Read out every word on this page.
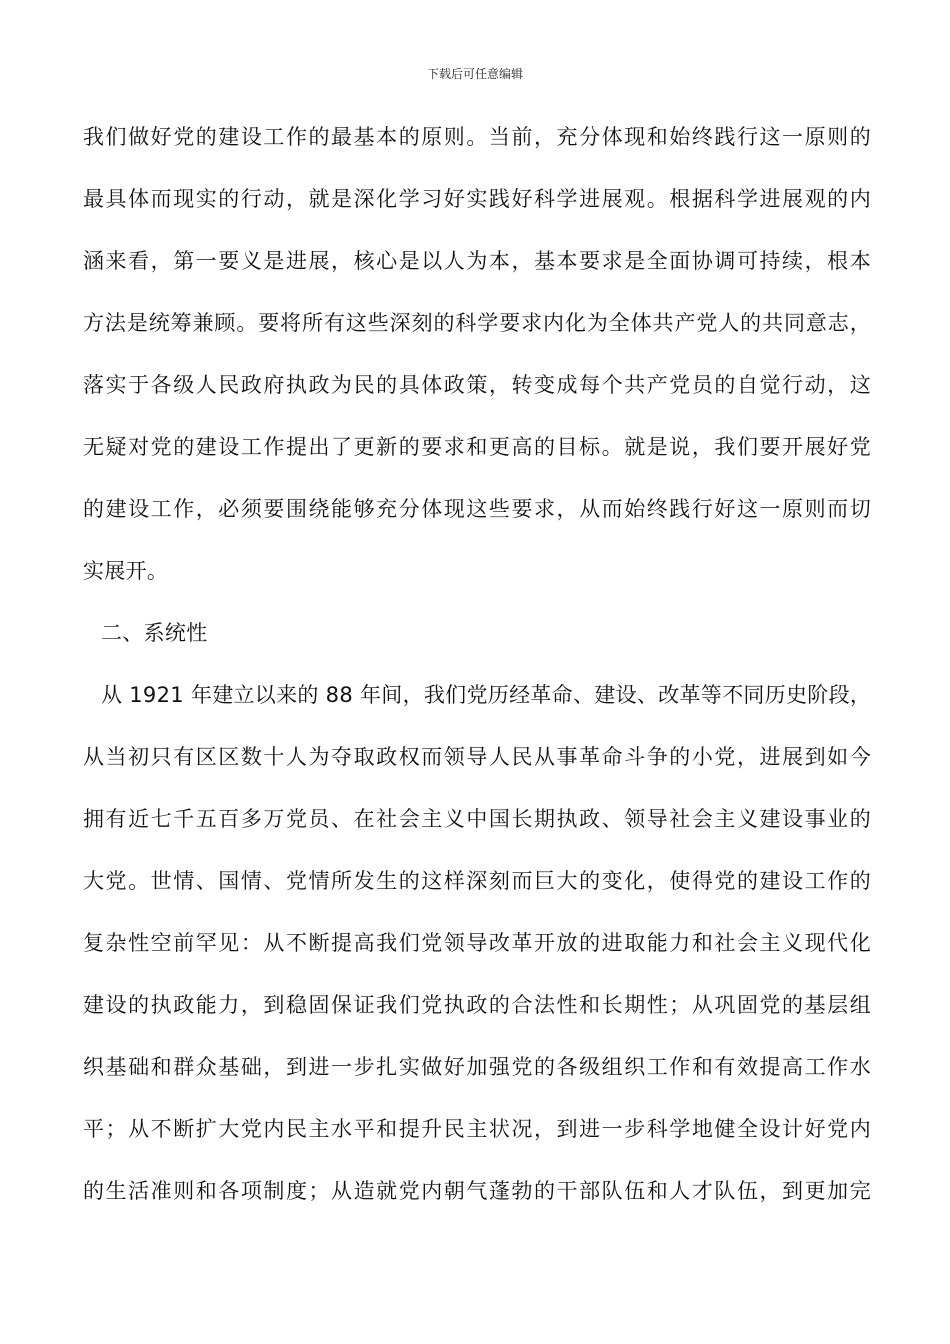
下载后可任意编辑
我们做好党的建设工作的最基本的原则。当前，充分体现和始终践行这一原则的
最具体而现实的行动，就是深化学习好实践好科学进展观。根据科学进展观的内
涵来看，第一要义是进展，核心是以人为本，基本要求是全面协调可持续，根本
方法是统筹兼顾。要将所有这些深刻的科学要求内化为全体共产党人的共同意志，
落实于各级人民政府执政为民的具体政策，转变成每个共产党员的自觉行动，这
无疑对党的建设工作提出了更新的要求和更高的目标。就是说，我们要开展好党
的建设工作，必须要围绕能够充分体现这些要求，从而始终践行好这一原则而切
实展开。
二、系统性
从 1921 年建立以来的 88 年间，我们党历经革命、建设、改革等不同历史阶段，
从当初只有区区数十人为夺取政权而领导人民从事革命斗争的小党，进展到如今
拥有近七千五百多万党员、在社会主义中国长期执政、领导社会主义建设事业的
大党。世情、国情、党情所发生的这样深刻而巨大的变化，使得党的建设工作的
复杂性空前罕见：从不断提高我们党领导改革开放的进取能力和社会主义现代化
建设的执政能力，到稳固保证我们党执政的合法性和长期性；从巩固党的基层组
织基础和群众基础，到进一步扎实做好加强党的各级组织工作和有效提高工作水
平；从不断扩大党内民主水平和提升民主状况，到进一步科学地健全设计好党内
的生活准则和各项制度；从造就党内朝气蓬勃的干部队伍和人才队伍，到更加完
